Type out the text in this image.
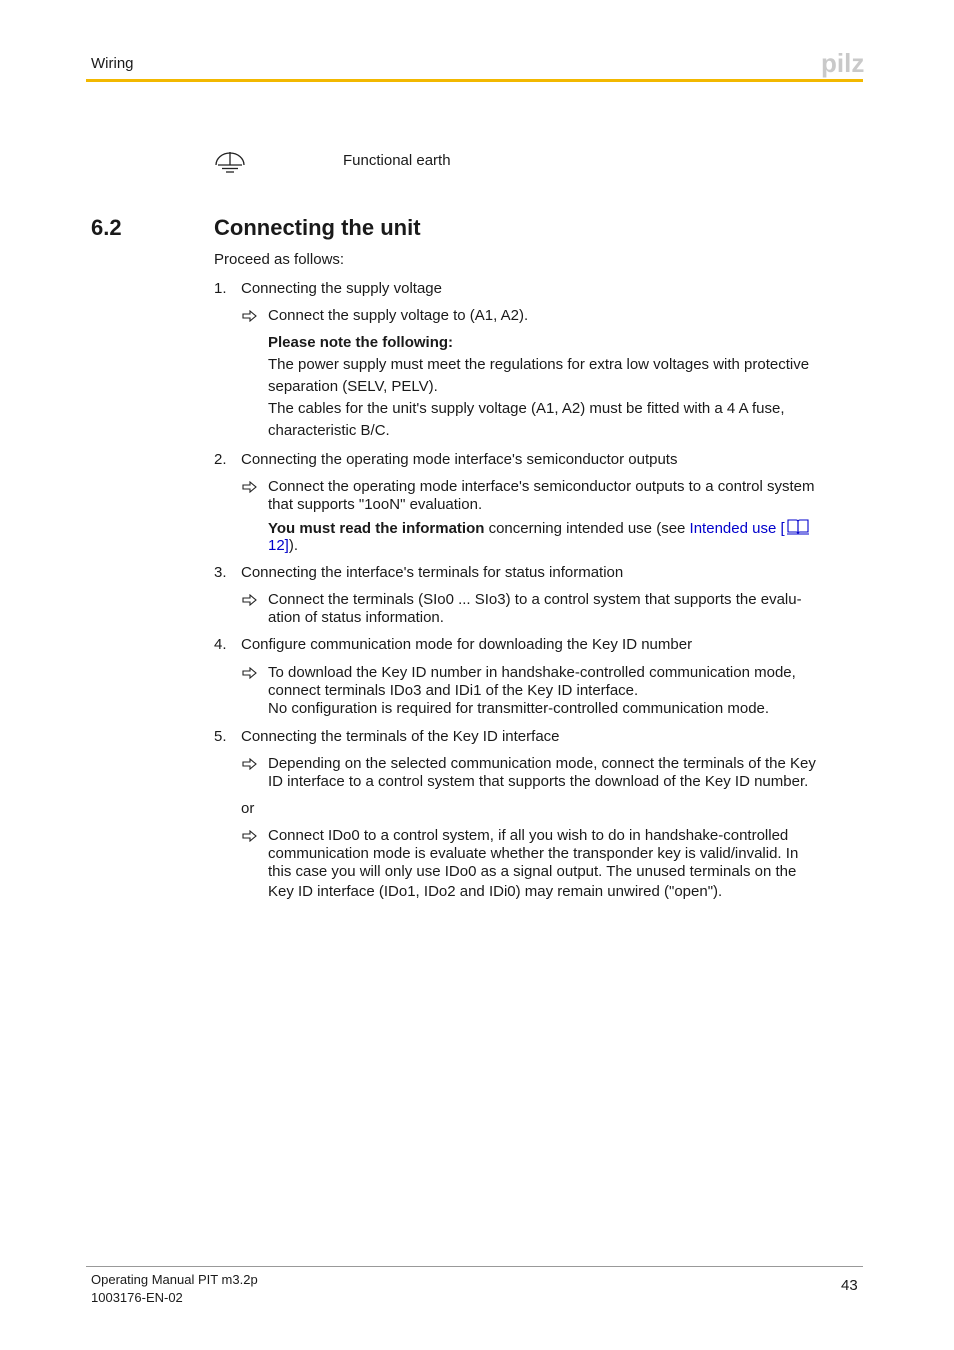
Wiring	pilz
Functional earth
6.2	Connecting the unit
Proceed as follows:
1. Connecting the supply voltage
Connect the supply voltage to (A1, A2).
Please note the following:
The power supply must meet the regulations for extra low voltages with protective
separation (SELV, PELV).
The cables for the unit's supply voltage (A1, A2) must be fitted with a 4 A fuse,
characteristic B/C.
2. Connecting the operating mode interface's semiconductor outputs
Connect the operating mode interface's semiconductor outputs to a control system
that supports "1ooN" evaluation.
You must read the information concerning intended use (see Intended use [
12]).
3. Connecting the interface's terminals for status information
Connect the terminals (SIo0 ... SIo3) to a control system that supports the evalu-
ation of status information.
4. Configure communication mode for downloading the Key ID number
To download the Key ID number in handshake-controlled communication mode,
connect terminals IDo3 and IDi1 of the Key ID interface.
No configuration is required for transmitter-controlled communication mode.
5. Connecting the terminals of the Key ID interface
Depending on the selected communication mode, connect the terminals of the Key
ID interface to a control system that supports the download of the Key ID number.
or
Connect IDo0 to a control system, if all you wish to do in handshake-controlled
communication mode is evaluate whether the transponder key is valid/invalid. In
this case you will only use IDo0 as a signal output. The unused terminals on the
Key ID interface (IDo1, IDo2 and IDi0) may remain unwired ("open").
Operating Manual PIT m3.2p
1003176-EN-02
43
